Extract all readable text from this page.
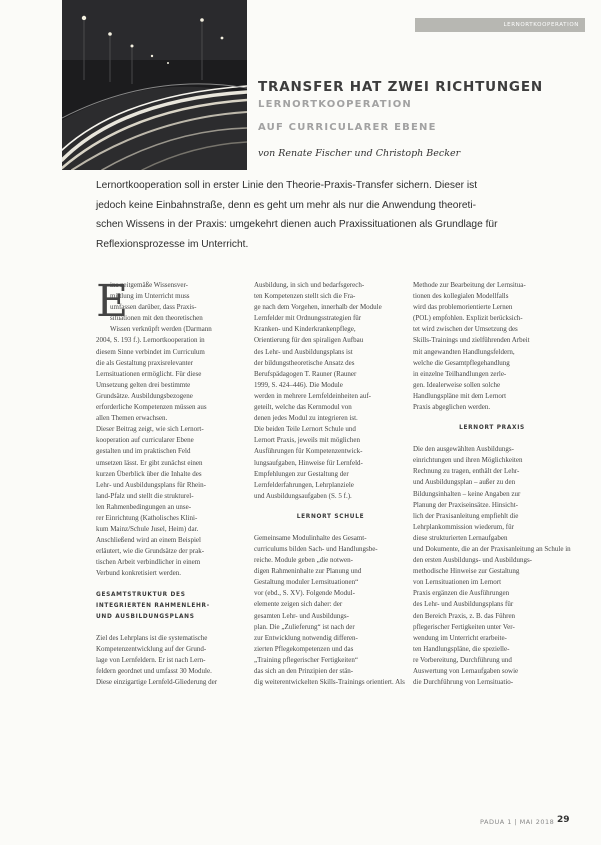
LERNORTKOOPERATION
TRANSFER HAT ZWEI RICHTUNGEN
LERNORTKOOPERATION
AUF CURRICULARER EBENE
von Renate Fischer und Christoph Becker
Lernortkooperation soll in erster Linie den Theorie-Praxis-Transfer sichern. Dieser ist
jedoch keine Einbahnstraße, denn es geht um mehr als nur die Anwendung theoreti-
schen Wissens in der Praxis: umgekehrt dienen auch Praxissituationen als Grundlage für
Reflexionsprozesse im Unterricht.
E
ine zeitgemäße Wissensver-
mittlung im Unterricht muss
umfassen darüber, dass Praxis-
situationen mit den theoretischen
Wissen verknüpft werden (Darmann
2004, S. 193 f.). Lernortkooperation in
diesem Sinne verbindet im Curriculum
die als Gestaltung praxisrelevanter
Lernsituationen ermöglicht. Für diese
Umsetzung gelten drei bestimmte
Grundsätze. Ausbildungsbezogene
erforderliche Kompetenzen müssen aus
allen Themen erwachsen.
Dieser Beitrag zeigt, wie sich Lernort-
kooperation auf curricularer Ebene
gestalten und im praktischen Feld
umsetzen lässt. Er gibt zunächst einen
kurzen Überblick über die Inhalte des
Lehr- und Ausbildungsplans für Rhein-
land-Pfalz und stellt die strukturel-
len Rahmenbedingungen an unse-
rer Einrichtung (Katholisches Klini-
kum Mainz/Schule Jusel, Heim) dar.
Anschließend wird an einem Beispiel
erläutert, wie die Grundsätze der prak-
tischen Arbeit verbindlicher in einem
Verbund konkretisiert werden.
GESAMTSTRUKTUR DES
INTEGRIERTEN RAHMENLEHR-
UND AUSBILDUNGSPLANS
Ziel des Lehrplans ist die systematische
Kompetenzentwicklung auf der Grund-
lage von Lernfeldern. Er ist nach Lern-
feldern geordnet und umfasst 30 Module.
Diese einzigartige Lernfeld-Gliederung der
Ausbildung, in sich und bedarfsgerech-
ten Kompetenzen stellt sich die Fra-
ge nach dem Vorgehen, innerhalb der Module
Lernfelder mit Ordnungsstrategien für
Kranken- und Kinderkrankenpflege,
Orientierung für den spiraligen Aufbau
des Lehr- und Ausbildungsplans ist
der bildungstheoretische Ansatz des
Berufspädagogen T. Rauner (Rauner
1999, S. 424–446). Die Module
werden in mehrere Lernfeldeinheiten auf-
geteilt, welche das Kernmodul von
denen jedes Modul zu integrieren ist.
Die beiden Teile Lernort Schule und
Lernort Praxis, jeweils mit möglichen
Ausführungen für Kompetenzentwick-
lungsaufgaben, Hinweise für Lernfeld-
Empfehlungen zur Gestaltung der
Lernfelderfahrungen, Lehrplanziele
und Ausbildungsaufgaben (S. 5 f.).
LERNORT SCHULE
Gemeinsame Modulinhalte des Gesamt-
curriculums bilden Sach- und Handlungsbe-
reiche. Module geben „die notwen-
digen Rahmeninhalte zur Planung und
Gestaltung moduler Lernsituationen“
vor (ebd., S. XV). Folgende Modul-
elemente zeigen sich daher: der
gesamten Lehr- und Ausbildungs-
plan. Die „Zulieferung“ ist nach der
zur Entwicklung notwendig differen-
zierten Pflegekompetenzen und das
„Training pflegerischer Fertigkeiten“
das sich an den Prinzipien der stän-
dig weiterentwickelten Skills-Trainings orientiert. Als
Methode zur Bearbeitung der Lernsitua-
tionen des kollegialen Modellfalls
wird das problemorientierte Lernen
(POL) empfohlen. Explizit berücksich-
tet wird zwischen der Umsetzung des
Skills-Trainings und zielführenden Arbeit
mit angewandten Handlungsfeldern,
welche die Gesamtpflegehandlung
in einzelne Teilhandlungen zerle-
gen. Idealerweise sollen solche
Handlungspläne mit dem Lernort
Praxis abgeglichen werden.
LERNORT PRAXIS
Die den ausgewählten Ausbildungs-
einrichtungen und ihren Möglichkeiten
Rechnung zu tragen, enthält der Lehr-
und Ausbildungsplan – außer zu den
Bildungsinhalten – keine Angaben zur
Planung der Praxiseinsätze. Hinsicht-
lich der Praxisanleitung empfiehlt die
Lehrplankommission wiederum, für
diese strukturierten Lernaufgaben
und Dokumente, die an der Praxisanleitung an Schule in
den ersten Ausbildungs- und Ausbildungs-
methodische Hinweise zur Gestaltung
von Lernsituationen im Lernort
Praxis ergänzen die Ausführungen
des Lehr- und Ausbildungsplans für
den Bereich Praxis, z. B. das Führen
pflegerischer Fertigkeiten unter Ver-
wendung im Unterricht erarbeite-
ten Handlungspläne, die spezielle-
re Vorbereitung, Durchführung und
Auswertung von Lernaufgaben sowie
die Durchführung von Lernsituatio-
PADUA 1 | MAI 2018 29
